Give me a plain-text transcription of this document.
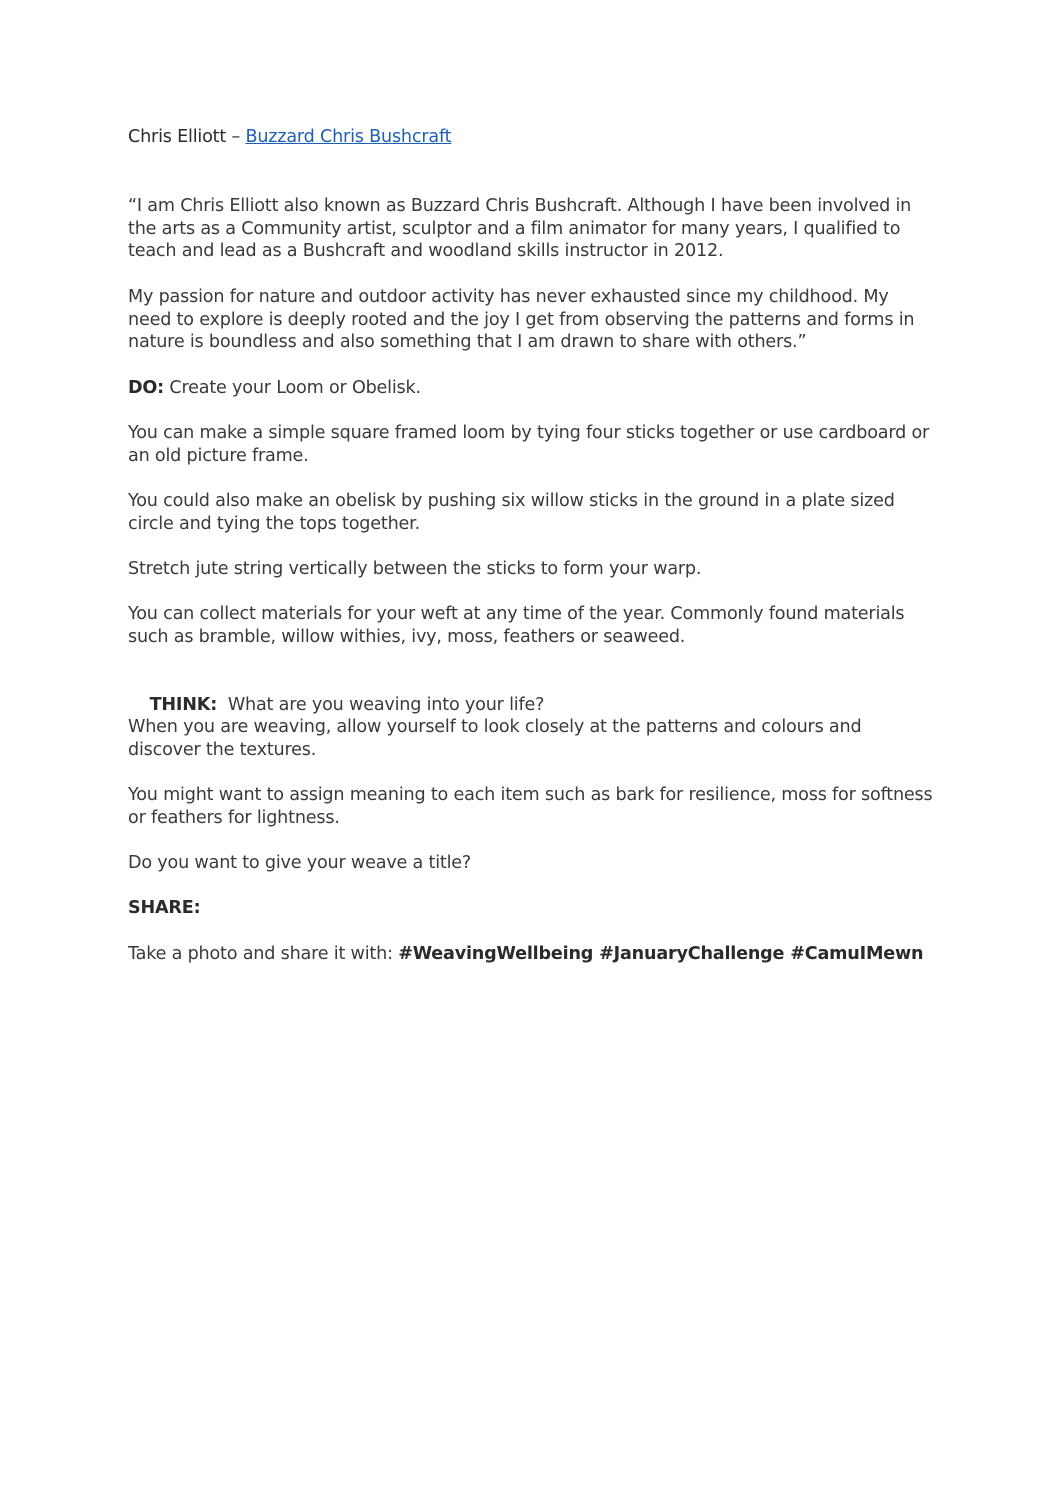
Chris Elliott – Buzzard Chris Bushcraft

“I am Chris Elliott also known as Buzzard Chris Bushcraft. Although I have been involved in the arts as a Community artist, sculptor and a film animator for many years, I qualified to teach and lead as a Bushcraft and woodland skills instructor in 2012.

My passion for nature and outdoor activity has never exhausted since my childhood. My need to explore is deeply rooted and the joy I get from observing the patterns and forms in nature is boundless and also something that I am drawn to share with others.”

DO: Create your Loom or Obelisk.

You can make a simple square framed loom by tying four sticks together or use cardboard or an old picture frame.

You could also make an obelisk by pushing six willow sticks in the ground in a plate sized circle and tying the tops together.

Stretch jute string vertically between the sticks to form your warp.

You can collect materials for your weft at any time of the year. Commonly found materials such as bramble, willow withies, ivy, moss, feathers or seaweed.

THINK:  What are you weaving into your life?

When you are weaving, allow yourself to look closely at the patterns and colours and discover the textures.

You might want to assign meaning to each item such as bark for resilience, moss for softness or feathers for lightness.

Do you want to give your weave a title?

SHARE:

Take a photo and share it with: #WeavingWellbeing #JanuaryChallenge #CamuIMewn
